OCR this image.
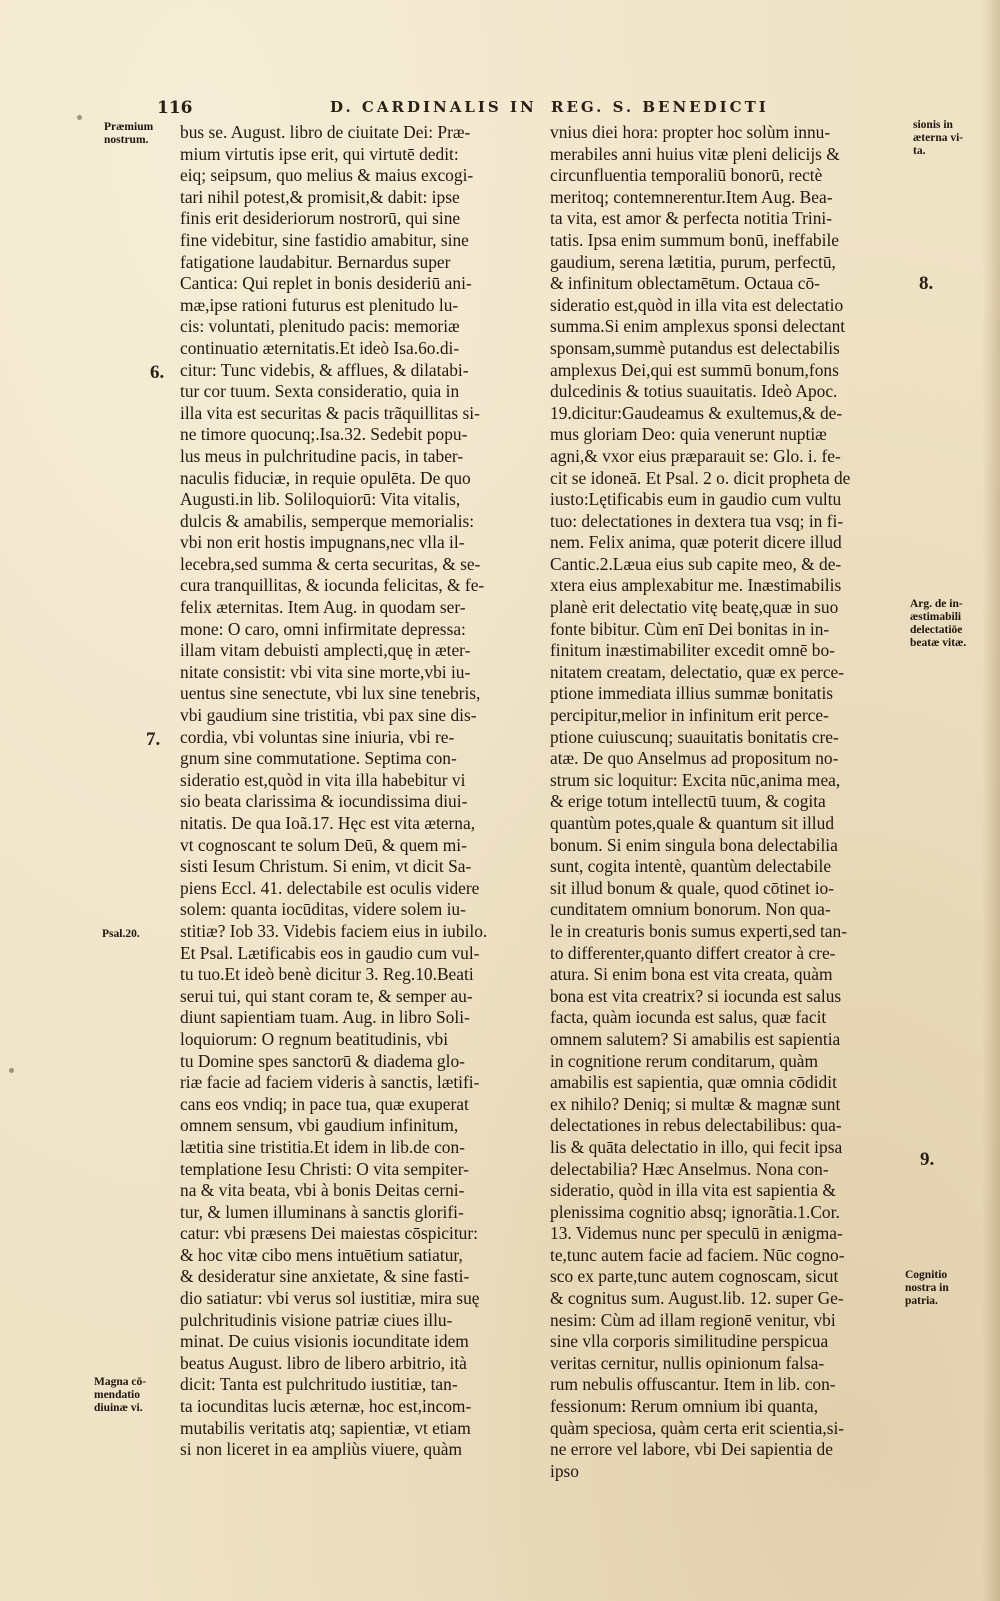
116	D. CARDINALIS IN REG. S. BENEDICTI
bus se. August. libro de ciuitate Dei: Præ-
mium virtutis ipse erit, qui virtutē dedit:
eiq; seipsum, quo melius & maius excogi-
tari nihil potest,& promisit,& dabit: ipse
finis erit desideriorum nostrorū, qui sine
fine videbitur, sine fastidio amabitur, sine
fatigatione laudabitur. Bernardus super
Cantica: Qui replet in bonis desideriū ani-
mæ,ipse rationi futurus est plenitudo lu-
cis: voluntati, plenitudo pacis: memoriæ
continuatio æternitatis.Et ideò Isa.6o.di-
citur: Tunc videbis, & afflues, & dilatabi-
tur cor tuum. Sexta consideratio, quia in
illa vita est securitas & pacis trãquillitas si-
ne timore quocunq;.Isa.32. Sedebit popu-
lus meus in pulchritudine pacis, in taber-
naculis fiduciæ, in requie opulēta. De quo
Augusti.in lib. Soliloquiorū: Vita vitalis,
dulcis & amabilis, semperque memorialis:
vbi non erit hostis impugnans,nec vlla il-
lecebra,sed summa & certa securitas, & se-
cura tranquillitas, & iocunda felicitas, & fe-
felix æternitas. Item Aug. in quodam ser-
mone: O caro, omni infirmitate depressa:
illam vitam debuisti amplecti,quę in æter-
nitate consistit: vbi vita sine morte,vbi iu-
uentus sine senectute, vbi lux sine tenebris,
vbi gaudium sine tristitia, vbi pax sine dis-
cordia, vbi voluntas sine iniuria, vbi re-
gnum sine commutatione. Septima con-
sideratio est,quòd in vita illa habebitur vi
sio beata clarissima & iocundissima diui-
nitatis. De qua Ioã.17. Hęc est vita æterna,
vt cognoscant te solum Deū, & quem mi-
sisti Iesum Christum. Si enim, vt dicit Sa-
piens Eccl. 41. delectabile est oculis videre
solem: quanta iocūditas, videre solem iu-
stitiæ? Iob 33. Videbis faciem eius in iubilo.
Et Psal. Lætificabis eos in gaudio cum vul-
tu tuo.Et ideò benè dicitur 3. Reg.10.Beati
serui tui, qui stant coram te, & semper au-
diunt sapientiam tuam. Aug. in libro Soli-
loquiorum: O regnum beatitudinis, vbi
tu Domine spes sanctorū & diadema glo-
riæ facie ad faciem videris à sanctis, lætifi-
cans eos vndiq; in pace tua, quæ exuperat
omnem sensum, vbi gaudium infinitum,
lætitia sine tristitia.Et idem in lib.de con-
templatione Iesu Christi: O vita sempiter-
na & vita beata, vbi à bonis Deitas cerni-
tur, & lumen illuminans à sanctis glorifi-
catur: vbi præsens Dei maiestas cōspicitur:
& hoc vitæ cibo mens intuētium satiatur,
& desideratur sine anxietate, & sine fasti-
dio satiatur: vbi verus sol iustitiæ, mira suę
pulchritudinis visione patriæ ciues illu-
minat. De cuius visionis iocunditate idem
beatus August. libro de libero arbitrio, ità
dicit: Tanta est pulchritudo iustitiæ, tan-
ta iocunditas lucis æternæ, hoc est,incom-
mutabilis veritatis atq; sapientiæ, vt etiam
si non liceret in ea ampliùs viuere, quàm
vnius diei hora: propter hoc solùm innu-
merabiles anni huius vitæ pleni delicijs &
circunfluentia temporaliū bonorū, rectè
meritoq; contemnerentur.Item Aug. Bea-
ta vita, est amor & perfecta notitia Trini-
tatis. Ipsa enim summum bonū, ineffabile
gaudium, serena lætitia, purum, perfectū,
& infinitum oblectamētum. Octaua cō-
sideratio est,quòd in illa vita est delectatio
summa.Si enim amplexus sponsi delectant
sponsam,summè putandus est delectabilis
amplexus Dei,qui est summū bonum,fons
dulcedinis & totius suauitatis. Ideò Apoc.
19.dicitur:Gaudeamus & exultemus,& de-
mus gloriam Deo: quia venerunt nuptiæ
agni,& vxor eius præparauit se: Glo. i. fe-
cit se idoneā. Et Psal. 2 o. dicit propheta de
iusto:Lętificabis eum in gaudio cum vultu
tuo: delectationes in dextera tua vsq; in fi-
nem. Felix anima, quæ poterit dicere illud
Cantic.2.Læua eius sub capite meo, & de-
xtera eius amplexabitur me. Inæstimabilis
planè erit delectatio vitę beatę,quæ in suo
fonte bibitur. Cùm enī Dei bonitas in in-
finitum inæstimabiliter excedit omnē bo-
nitatem creatam, delectatio, quæ ex perce-
ptione immediata illius summæ bonitatis
percipitur,melior in infinitum erit perce-
ptione cuiuscunq; suauitatis bonitatis cre-
atæ. De quo Anselmus ad propositum no-
strum sic loquitur: Excita nūc,anima mea,
& erige totum intellectū tuum, & cogita
quantùm potes,quale & quantum sit illud
bonum. Si enim singula bona delectabilia
sunt, cogita intentè, quantùm delectabile
sit illud bonum & quale, quod cōtinet io-
cunditatem omnium bonorum. Non qua-
le in creaturis bonis sumus experti,sed tan-
to differenter,quanto differt creator à cre-
atura. Si enim bona est vita creata, quàm
bona est vita creatrix? si iocunda est salus
facta, quàm iocunda est salus, quæ facit
omnem salutem? Si amabilis est sapientia
in cognitione rerum conditarum, quàm
amabilis est sapientia, quæ omnia cōdidit
ex nihilo? Deniq; si multæ & magnæ sunt
delectationes in rebus delectabilibus: qua-
lis & quāta delectatio in illo, qui fecit ipsa
delectabilia? Hæc Anselmus. Nona con-
sideratio, quòd in illa vita est sapientia &
plenissima cognitio absq; ignorãtia.1.Cor.
13. Videmus nunc per speculū in ænigma-
te,tunc autem facie ad faciem. Nūc cogno-
sco ex parte,tunc autem cognoscam, sicut
& cognitus sum. August.lib. 12. super Ge-
nesim: Cùm ad illam regionē venitur, vbi
sine vlla corporis similitudine perspicua
veritas cernitur, nullis opinionum falsa-
rum nebulis offuscantur. Item in lib. con-
fessionum: Rerum omnium ibi quanta,
quàm speciosa, quàm certa erit scientia,si-
ne errore vel labore, vbi Dei sapientia de
ipso
Præmium
nostrum.
6.
7.
Psal.20.
Magna cō-
mendatio
diuinæ vi.
sionis in
æterna vi-
ta.
8.
Arg. de in-
æstimabili
delectatiōe
beatæ vitæ.
9.
Cognitio
nostra in
patria.
